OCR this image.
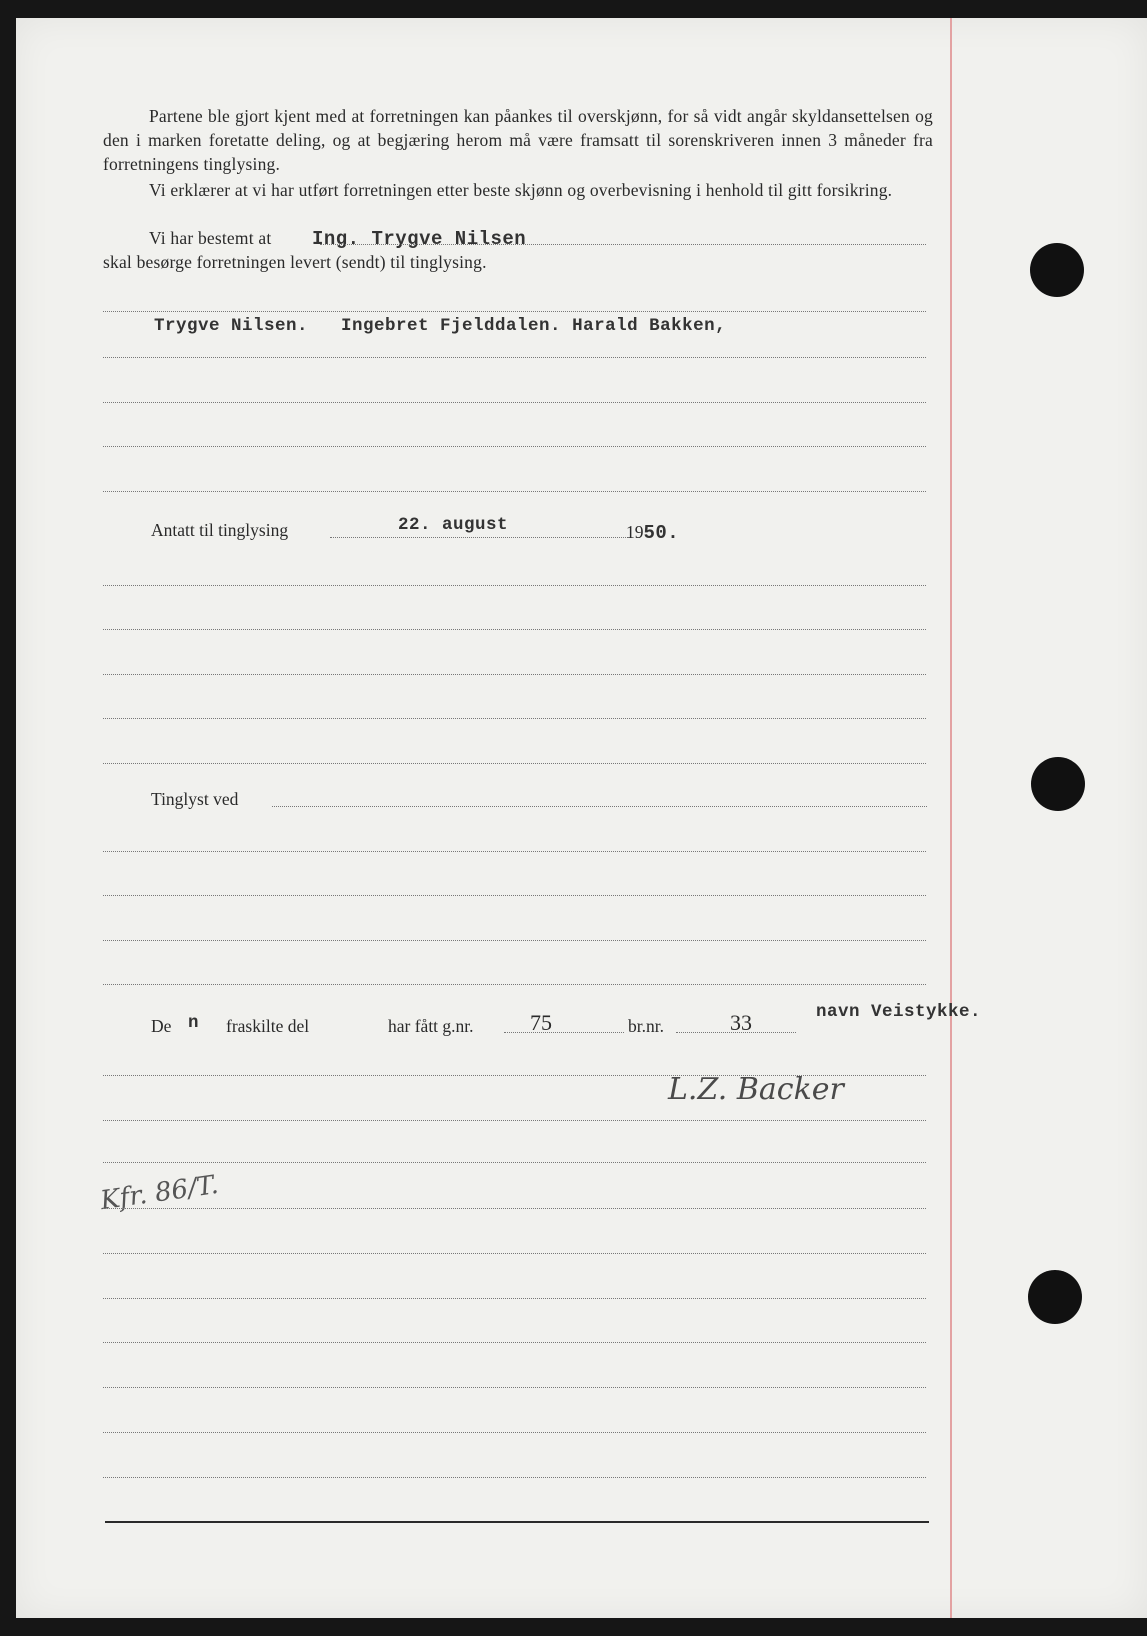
Partene ble gjort kjent med at forretningen kan påankes til overskjønn, for så vidt angår skyldansettelsen og den i marken foretatte deling, og at begjæring herom må være framsatt til sorenskriveren innen 3 måneder fra forretningens tinglysing.
Vi erklærer at vi har utført forretningen etter beste skjønn og overbevisning i henhold til gitt forsikring.
Vi har bestemt at Ing. Trygve Nilsen
skal besørge forretningen levert (sendt) til tinglysing.
Trygve Nilsen.   Ingebret Fjelddalen. Harald Bakken,
Antatt til tinglysing	22. august	1950.
Tinglyst ved
De n fraskilte del	har fått g.nr.	75	br.nr.	33	navn Veistykke.
L.Z. Backer
Kfr. 86/T.
